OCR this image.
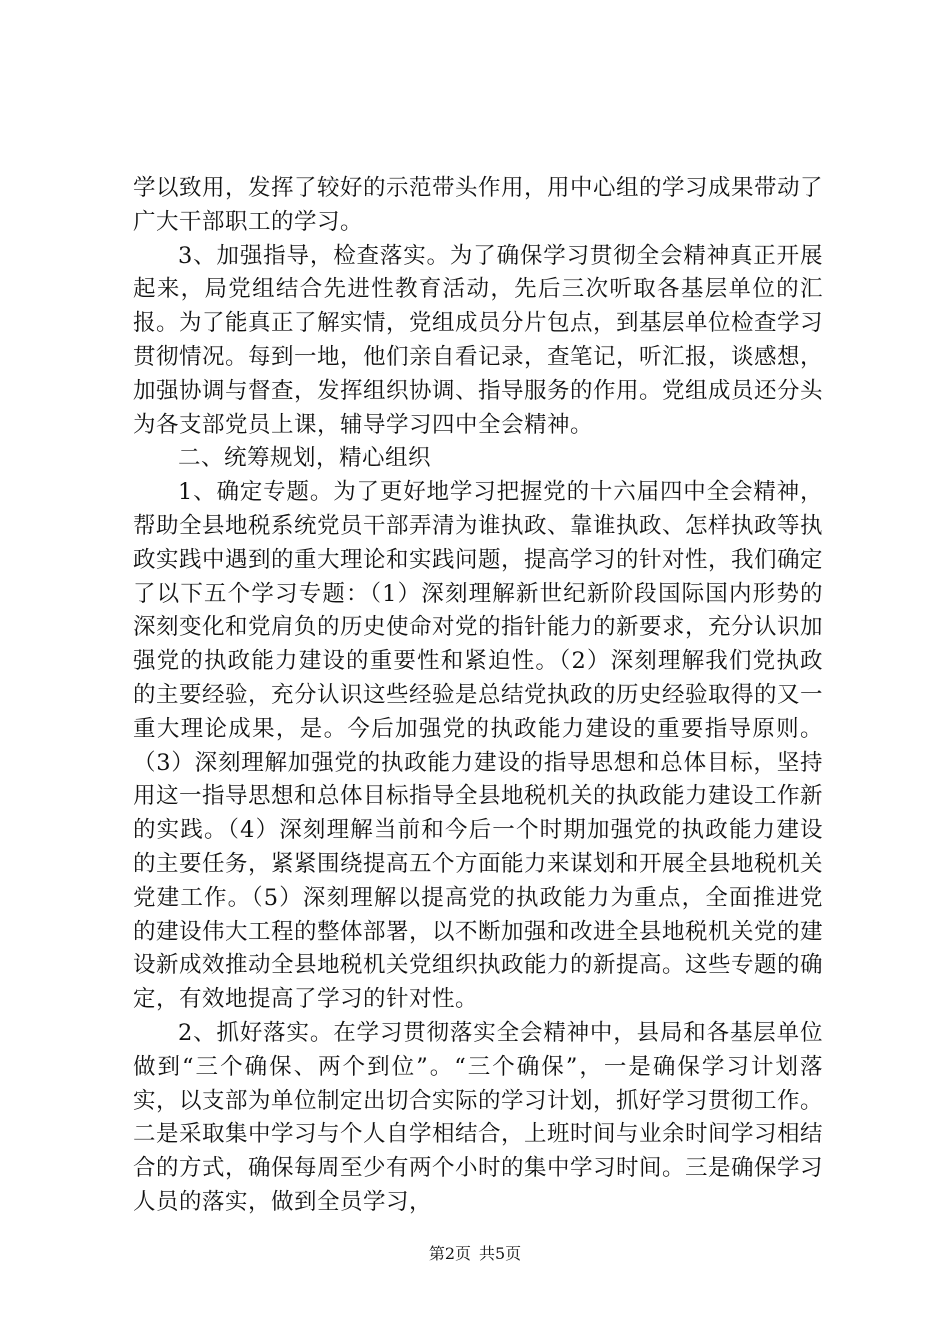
学以致用，发挥了较好的示范带头作用，用中心组的学习成果带动了广大干部职工的学习。

3、加强指导，检查落实。为了确保学习贯彻全会精神真正开展起来，局党组结合先进性教育活动，先后三次听取各基层单位的汇报。为了能真正了解实情，党组成员分片包点，到基层单位检查学习贯彻情况。每到一地，他们亲自看记录，查笔记，听汇报，谈感想，加强协调与督查，发挥组织协调、指导服务的作用。党组成员还分头为各支部党员上课，辅导学习四中全会精神。

二、统筹规划，精心组织

1、确定专题。为了更好地学习把握党的十六届四中全会精神，帮助全县地税系统党员干部弄清为谁执政、靠谁执政、怎样执政等执政实践中遇到的重大理论和实践问题，提高学习的针对性，我们确定了以下五个学习专题：（1）深刻理解新世纪新阶段国际国内形势的深刻变化和党肩负的历史使命对党的指针能力的新要求，充分认识加强党的执政能力建设的重要性和紧迫性。（2）深刻理解我们党执政的主要经验，充分认识这些经验是总结党执政的历史经验取得的又一重大理论成果，是。今后加强党的执政能力建设的重要指导原则。（3）深刻理解加强党的执政能力建设的指导思想和总体目标，坚持用这一指导思想和总体目标指导全县地税机关的执政能力建设工作新的实践。（4）深刻理解当前和今后一个时期加强党的执政能力建设的主要任务，紧紧围绕提高五个方面能力来谋划和开展全县地税机关党建工作。（5）深刻理解以提高党的执政能力为重点，全面推进党的建设伟大工程的整体部署，以不断加强和改进全县地税机关党的建设新成效推动全县地税机关党组织执政能力的新提高。这些专题的确定，有效地提高了学习的针对性。

2、抓好落实。在学习贯彻落实全会精神中，县局和各基层单位做到“三个确保、两个到位”。“三个确保”，一是确保学习计划落实，以支部为单位制定出切合实际的学习计划，抓好学习贯彻工作。二是采取集中学习与个人自学相结合，上班时间与业余时间学习相结合的方式，确保每周至少有两个小时的集中学习时间。三是确保学习人员的落实，做到全员学习，

第2页 共5页
